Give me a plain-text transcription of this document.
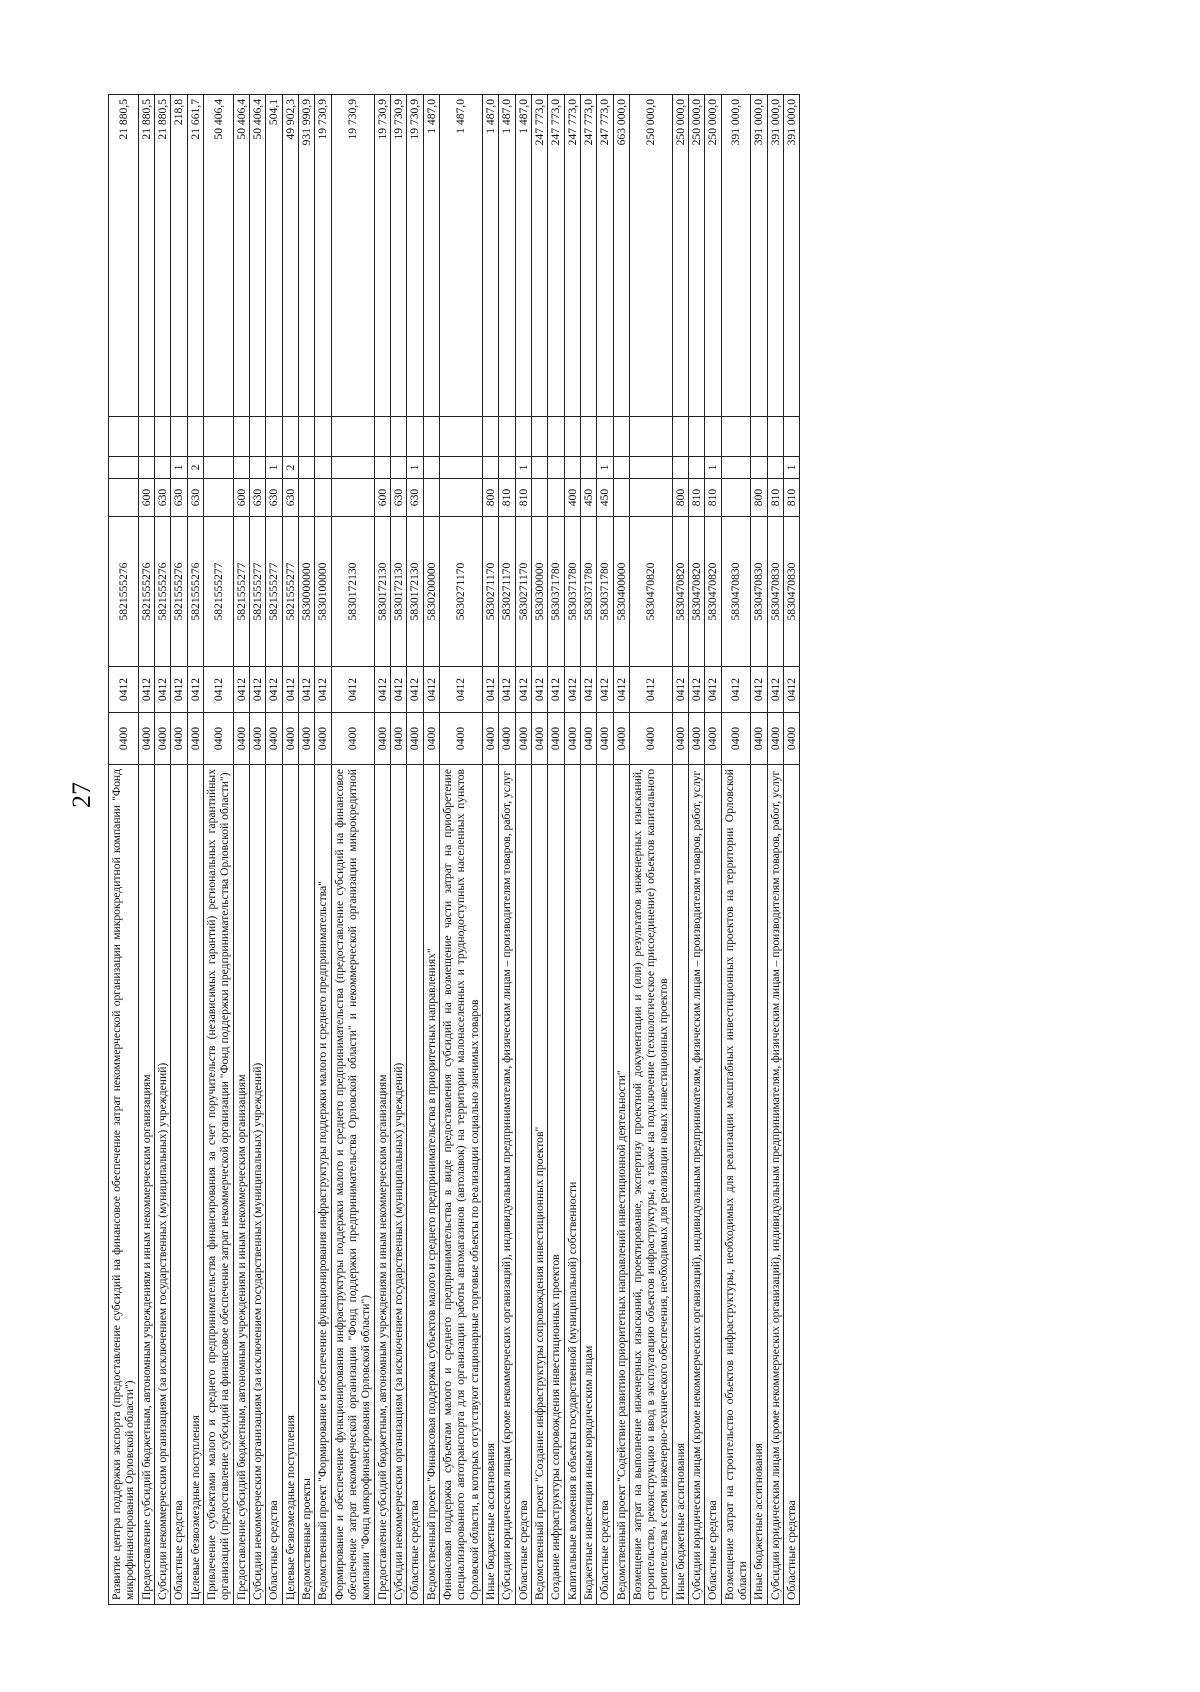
27 Развитие центра поддержки экспорта (предоставление субсидий на финансовое обеспечение затрат некоммерческой организации микрокредитной компании "Фонд микрофинансирования Орловской области")	0400	0412	5821555276				21 880,5
Предоставление субсидий бюджетным, автономным учреждениям и иным некоммерческим организациям	0400	0412	5821555276	600			21 880,5
Субсидии некоммерческим организациям (за исключением государственных (муниципальных) учреждений)	0400	0412	5821555276	630			21 880,5
Областные средства	0400	0412	5821555276	630	1		218,8
Целевые безвозмездные поступления	0400	0412	5821555276	630	2		21 661,7
Привлечение субъектами малого и среднего предпринимательства финансирования за счет поручительств (независимых гарантий) региональных гарантийных организаций (предоставление субсидий на финансовое обеспечение затрат некоммерческой организации "Фонд поддержки предпринимательства Орловской области")	0400	0412	5821555277				50 406,4
Предоставление субсидий бюджетным, автономным учреждениям и иным некоммерческим организациям	0400	0412	5821555277	600			50 406,4
Субсидии некоммерческим организациям (за исключением государственных (муниципальных) учреждений)	0400	0412	5821555277	630			50 406,4
Областные средства	0400	0412	5821555277	630	1		504,1
Целевые безвозмездные поступления	0400	0412	5821555277	630	2		49 902,3
Ведомственные проекты	0400	0412	5830000000				931 990,9
Ведомственный проект "Формирование и обеспечение функционирования инфраструктуры поддержки малого и среднего предпринимательства"	0400	0412	5830100000				19 730,9
Формирование и обеспечение функционирования инфраструктуры поддержки малого и среднего предпринимательства (предоставление субсидий на финансовое обеспечение затрат некоммерческой организации "Фонд поддержки предпринимательства Орловской области" и некоммерческой организации микрокредитной компании "Фонд микрофинансирования Орловской области")	0400	0412	5830172130				19 730,9
Предоставление субсидий бюджетным, автономным учреждениям и иным некоммерческим организациям	0400	0412	5830172130	600			19 730,9
Субсидии некоммерческим организациям (за исключением государственных (муниципальных) учреждений)	0400	0412	5830172130	630			19 730,9
Областные средства	0400	0412	5830172130	630	1		19 730,9
Ведомственный проект "Финансовая поддержка субъектов малого и среднего предпринимательства в приоритетных направлениях"	0400	0412	5830200000				1 487,0
Финансовая поддержка субъектам малого и среднего предпринимательства в виде предоставления субсидий на возмещение части затрат на приобретение специализированного автотранспорта для организации работы автомагазинов (автолавок) на территории малонаселенных и труднодоступных населенных пунктов Орловской области, в которых отсутствуют стационарные торговые объекты по реализации социально значимых товаров	0400	0412	5830271170				1 487,0
Иные бюджетные ассигнования	0400	0412	5830271170	800			1 487,0
Субсидии юридическим лицам (кроме некоммерческих организаций), индивидуальным предпринимателям, физическим лицам – производителям товаров, работ, услуг	0400	0412	5830271170	810			1 487,0
Областные средства	0400	0412	5830271170	810	1		1 487,0
Ведомственный проект "Создание инфраструктуры сопровождения инвестиционных проектов"	0400	0412	5830300000				247 773,0
Создание инфраструктуры сопровождения инвестиционных проектов	0400	0412	5830371780				247 773,0
Капитальные вложения в объекты государственной (муниципальной) собственности	0400	0412	5830371780	400			247 773,0
Бюджетные инвестиции иным юридическим лицам	0400	0412	5830371780	450			247 773,0
Областные средства	0400	0412	5830371780	450	1		247 773,0
Ведомственный проект "Содействие развитию приоритетных направлений инвестиционной деятельности"	0400	0412	5830400000				663 000,0
Возмещение затрат на выполнение инженерных изысканий, проектирование, экспертизу проектной документации и (или) результатов инженерных изысканий, строительство, реконструкцию и ввод в эксплуатацию объектов инфраструктуры, а также на подключение (технологическое присоединение) объектов капитального строительства к сетям инженерно-технического обеспечения, необходимых для реализации новых инвестиционных проектов	0400	0412	5830470820				250 000,0
Иные бюджетные ассигнования	0400	0412	5830470820	800			250 000,0
Субсидии юридическим лицам (кроме некоммерческих организаций), индивидуальным предпринимателям, физическим лицам – производителям товаров, работ, услуг	0400	0412	5830470820	810			250 000,0
Областные средства	0400	0412	5830470820	810	1		250 000,0
Возмещение затрат на строительство объектов инфраструктуры, необходимых для реализации масштабных инвестиционных проектов на территории Орловской области	0400	0412	5830470830				391 000,0
Иные бюджетные ассигнования	0400	0412	5830470830	800			391 000,0
Субсидии юридическим лицам (кроме некоммерческих организаций), индивидуальным предпринимателям, физическим лицам – производителям товаров, работ, услуг	0400	0412	5830470830	810			391 000,0
Областные средства	0400	0412	5830470830	810	1		391 000,0
